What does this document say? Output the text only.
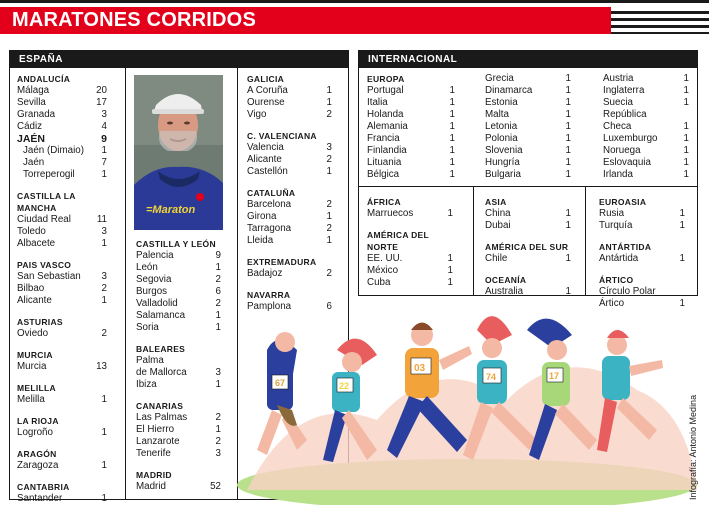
MARATONES CORRIDOS
ESPAÑA
=Maraton
ANDALUCÍA
Málaga	20
Sevilla	17
Granada	3
Cádiz	4
JAÉN	9
Jaén (Dimaio)	1
Jaén	7
Torreperogil	1
CASTILLA LA MANCHA
Ciudad Real	11
Toledo	3
Albacete	1
PAIS VASCO
San Sebastian	3
Bilbao	2
Alicante	1
ASTURIAS
Oviedo	2
MURCIA
Murcia	13
MELILLA
Melilla	1
LA RIOJA
Logroño	1
ARAGÓN
Zaragoza	1
CANTABRIA
Santander	1
CASTILLA Y LEÓN
Palencia	9
León	1
Segovia	2
Burgos	6
Valladolid	2
Salamanca	1
Soria	1
BALEARES
Palma
de Mallorca	3
Ibiza	1
CANARIAS
Las Palmas	2
El Hierro	1
Lanzarote	2
Tenerife	3
MADRID
Madrid	52
GALICIA
A Coruña	1
Ourense	1
Vigo	2
C. VALENCIANA
Valencia	3
Alicante	2
Castellón	1
CATALUÑA
Barcelona	2
Girona	1
Tarragona	2
Lleida	1
EXTREMADURA
Badajoz	2
NAVARRA
Pamplona	6
INTERNACIONAL
EUROPA
Portugal	1
Italia	1
Holanda	1
Alemania	1
Francia	1
Finlandia	1
Lituania	1
Bélgica	1
Grecia	1
Dinamarca	1
Estonia	1
Malta	1
Letonia	1
Polonia	1
Slovenia	1
Hungría	1
Bulgaria	1
Austria	1
Inglaterra	1
Suecia	1
República
Checa	1
Luxemburgo	1
Noruega	1
Eslovaquia	1
Irlanda	1
ÁFRICA
Marruecos	1
AMÉRICA DEL NORTE
EE. UU.	1
México	1
Cuba	1
ASIA
China	1
Dubai	1
AMÉRICA DEL SUR
Chile	1
OCEANÍA
Australia	1
EUROASIA
Rusia	1
Turquía	1
ANTÁRTIDA
Antártida	1
ÁRTICO
Círculo Polar
Ártico	1
67	22
03
74	17
Infografía: Antonio Medina
